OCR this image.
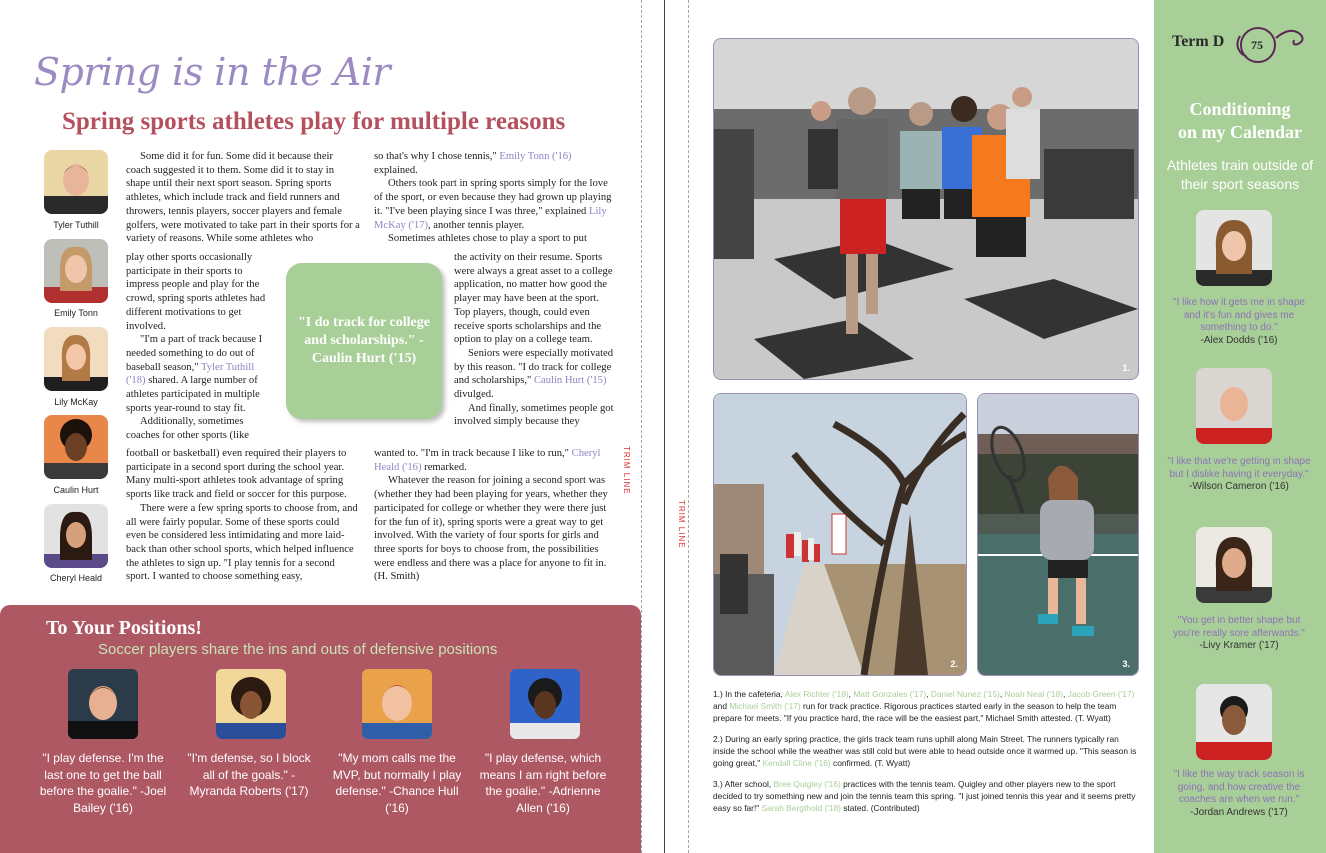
Spring is in the Air
Spring sports athletes play for multiple reasons
Tyler Tuthill
Emily Tonn
Lily McKay
Caulin Hurt
Cheryl Heald

Some did it for fun. Some did it because their coach suggested it to them. Some did it to stay in shape until their next sport season. Spring sports athletes, which include track and field runners and throwers, tennis players, soccer players and female golfers, were motivated to take part in their sports for a variety of reasons. While some athletes who

play other sports occasionally participate in their sports to impress people and play for the crowd, spring sports athletes had different motivations to get involved.

"I'm a part of track because I needed something to do out of baseball season," Tyler Tuthill ('18) shared. A large number of athletes participated in multiple sports year-round to stay fit.

Additionally, sometimes coaches for other sports (like

football or basketball) even required their players to participate in a second sport during the school year. Many multi-sport athletes took advantage of spring sports like track and field or soccer for this purpose.

There were a few spring sports to choose from, and all were fairly popular. Some of these sports could even be considered less intimidating and more laid-back than other school sports, which helped influence the athletes to sign up. "I play tennis for a second sport. I wanted to choose something easy,

so that's why I chose tennis," Emily Tonn ('16) explained.

Others took part in spring sports simply for the love of the sport, or even because they had grown up playing it. "I've been playing since I was three," explained Lily McKay ('17), another tennis player.

Sometimes athletes chose to play a sport to put

the activity on their resume. Sports were always a great asset to a college application, no matter how good the player may have been at the sport. Top players, though, could even receive sports scholarships and the option to play on a college team.

Seniors were especially motivated by this reason. "I do track for college and scholarships," Caulin Hurt ('15) divulged.

And finally, sometimes people got involved simply because they

wanted to. "I'm in track because I like to run," Cheryl Heald ('16) remarked.

Whatever the reason for joining a second sport was (whether they had been playing for years, whether they participated for college or whether they were there just for the fun of it), spring sports were a great way to get involved. With the variety of four sports for girls and three sports for boys to choose from, the possibilities were endless and there was a place for anyone to fit in. (H. Smith)

"I do track for college and scholarships." -Caulin Hurt ('15)
TRIM LINE
To Your Positions!
Soccer players share the ins and outs of defensive positions
"I play defense. I'm the last one to get the ball before the goalie." -Joel Bailey ('16)
"I'm defense, so I block all of the goals." -Myranda Roberts ('17)
"My mom calls me the MVP, but normally I play defense." -Chance Hull ('16)
"I play defense, which means I am right before the goalie." -Adrienne Allen ('16)
TRIM LINE
1.
2.	3.

1.) In the cafeteria, Alex Richter ('18), Matt Gonzales ('17), Daniel Nunez ('15), Noah Neal ('18), Jacob Green ('17) and Michael Smith ('17) run for track practice. Rigorous practices started early in the season to help the team prepare for meets. "If you practice hard, the race will be the easiest part," Michael Smith attested. (T. Wyatt)

2.) During an early spring practice, the girls track team runs uphill along Main Street. The runners typically ran inside the school while the weather was still cold but were able to head outside once it warmed up. "This season is going great," Kendall Cline ('16) confirmed. (T. Wyatt)

3.) After school, Bree Quigley ('16) practices with the tennis team. Quigley and other players new to the sport decided to try something new and join the tennis team this spring. "I just joined tennis this year and it seems pretty easy so far!" Sarah Bergthold ('18) stated. (Contributed)

Term D	75
Conditioning
on my Calendar
Athletes train outside of their sport seasons
"I like how it gets me in shape and it's fun and gives me something to do."
-Alex Dodds ('16)
"I like that we're getting in shape but I dislike having it everyday."
-Wilson Cameron ('16)
"You get in better shape but you're really sore afterwards."
-Livy Kramer ('17)
"I like the way track season is going, and how creative the coaches are when we run."
-Jordan Andrews ('17)
